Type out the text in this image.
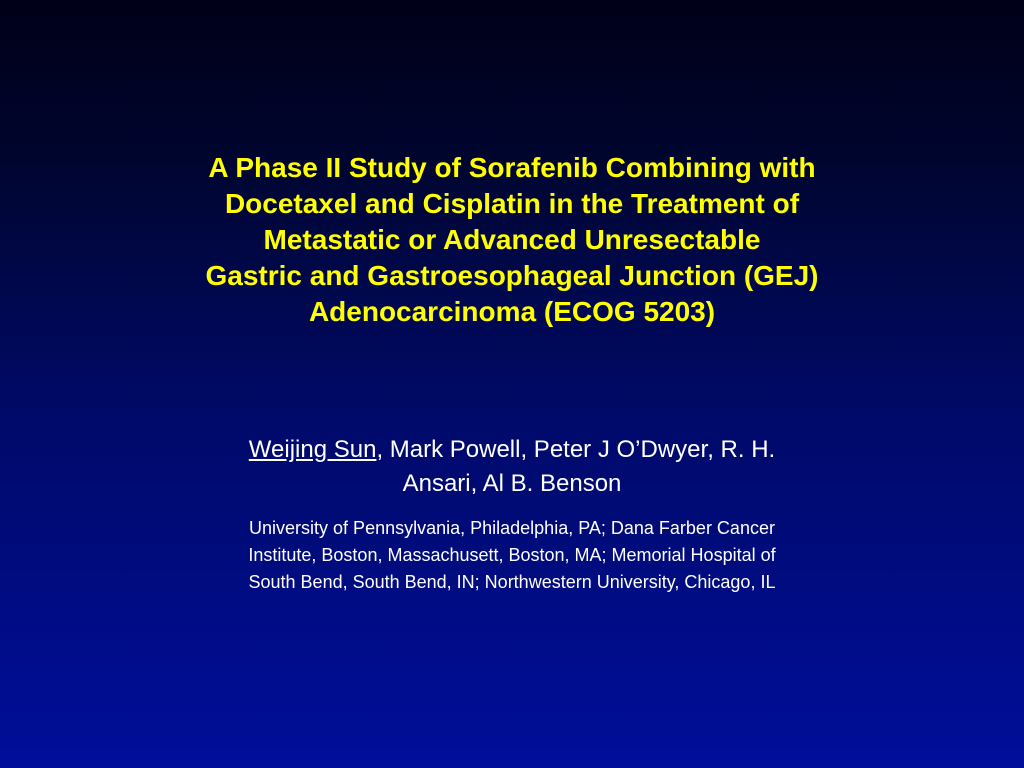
A Phase II Study of Sorafenib Combining with
Docetaxel and Cisplatin in the Treatment of
Metastatic or Advanced Unresectable
Gastric and Gastroesophageal Junction (GEJ)
Adenocarcinoma (ECOG 5203)
Weijing Sun, Mark Powell, Peter J O’Dwyer, R. H.
Ansari, Al B. Benson
University of Pennsylvania, Philadelphia, PA; Dana Farber Cancer
Institute, Boston, Massachusett, Boston, MA; Memorial Hospital of
South Bend, South Bend, IN; Northwestern University, Chicago, IL
